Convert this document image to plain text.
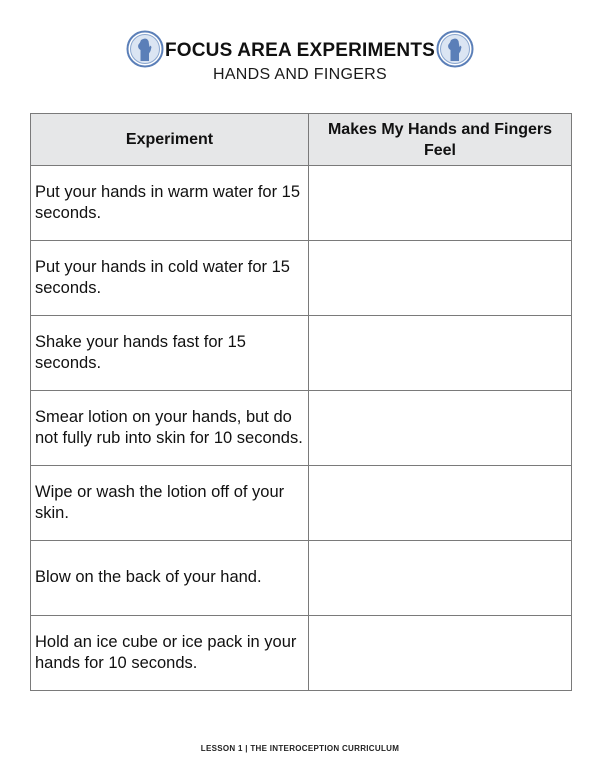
FOCUS AREA EXPERIMENTS
HANDS AND FINGERS
Experiment	Makes My Hands and Fingers Feel
Put your hands in warm water for 15 seconds.	
Put your hands in cold water for 15 seconds.	
Shake your hands fast for 15 seconds.	
Smear lotion on your hands, but do not fully rub into skin for 10 seconds.	
Wipe or wash the lotion off of your skin.	
Blow on the back of your hand.	
Hold an ice cube or ice pack in your hands for 10 seconds.	
LESSON 1 | THE INTEROCEPTION CURRICULUM
